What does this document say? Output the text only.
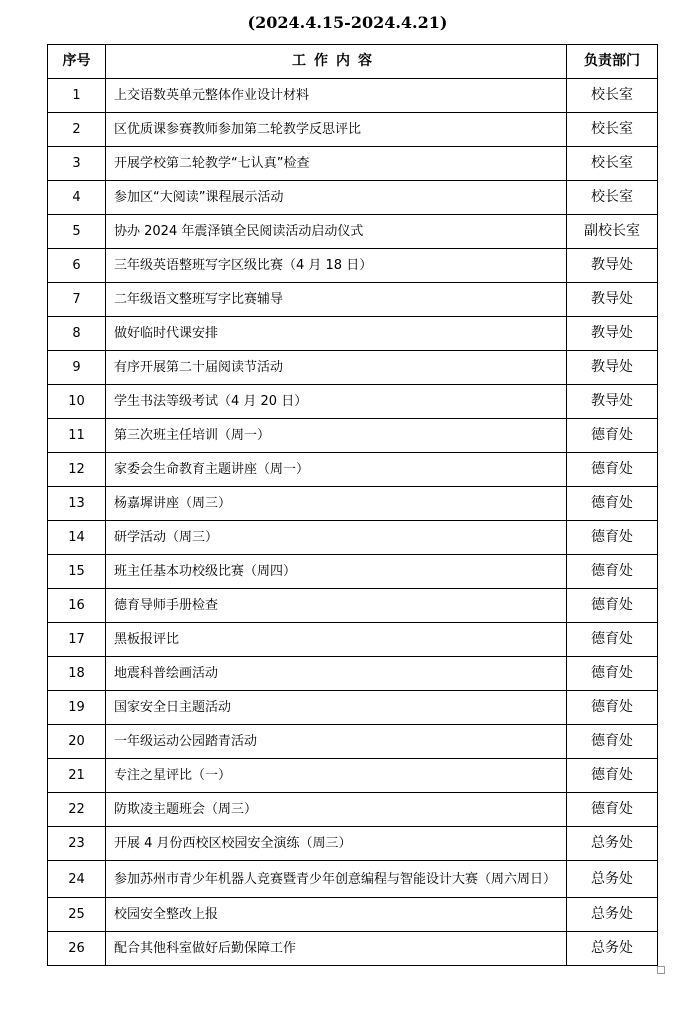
(2024.4.15-2024.4.21)
序号	工作内容	负责部门
1	上交语数英单元整体作业设计材料	校长室
2	区优质课参赛教师参加第二轮教学反思评比	校长室
3	开展学校第二轮教学“七认真”检查	校长室
4	参加区“大阅读”课程展示活动	校长室
5	协办 2024 年震泽镇全民阅读活动启动仪式	副校长室
6	三年级英语整班写字区级比赛（4 月 18 日）	教导处
7	二年级语文整班写字比赛辅导	教导处
8	做好临时代课安排	教导处
9	有序开展第二十届阅读节活动	教导处
10	学生书法等级考试（4 月 20 日）	教导处
11	第三次班主任培训（周一）	德育处
12	家委会生命教育主题讲座（周一）	德育处
13	杨嘉墀讲座（周三）	德育处
14	研学活动（周三）	德育处
15	班主任基本功校级比赛（周四）	德育处
16	德育导师手册检查	德育处
17	黑板报评比	德育处
18	地震科普绘画活动	德育处
19	国家安全日主题活动	德育处
20	一年级运动公园踏青活动	德育处
21	专注之星评比（一）	德育处
22	防欺凌主题班会（周三）	德育处
23	开展 4 月份西校区校园安全演练（周三）	总务处
24	参加苏州市青少年机器人竞赛暨青少年创意编程与智能设计大赛（周六周日）	总务处
25	校园安全整改上报	总务处
26	配合其他科室做好后勤保障工作	总务处
